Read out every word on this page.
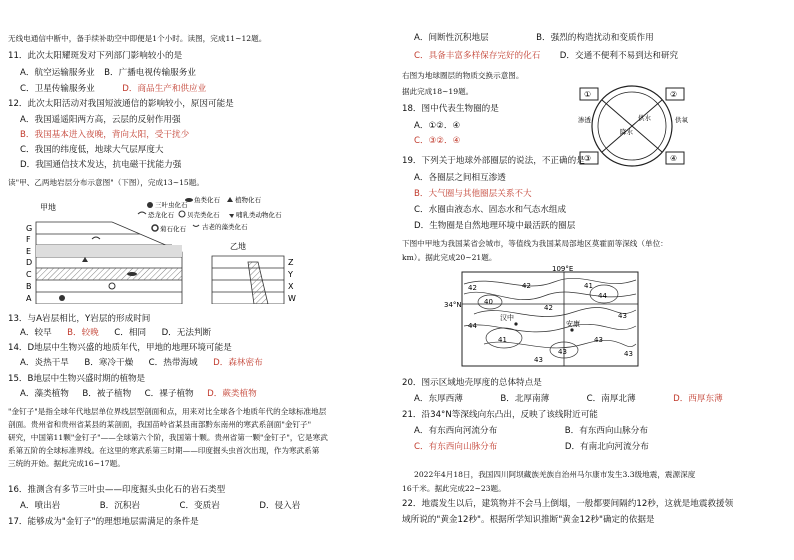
无线电通信中断中，备手续补助空中即便是1个小时。读图，完成11~12题。
11．此次太阳耀斑发对下列部门影响较小的是
A．航空运输服务业 B．广播电视传输服务业
C．卫星传输服务业	D．商品生产和供应业
12．此次太阳活动对我国短波通信的影响较小，原因可能是
A．我国遥遥阳两方高，云层的反射作用强
B．我国基本进入夜晚，背向太阳，受干扰少
C．我国的纬度低，地球大气层厚度大
D．我国通信技术发达，抗电磁干扰能力强
读"甲、乙两地岩层分布示意图"（下图），完成13~15题。
甲地
乙地
三叶虫化石
鱼类化石 植物化石
恐龙化石 贝壳类化石	哺乳类动物化石
菊石化石 古老的藻类化石
G
F
E
D
C
B
A
Z
Y
X
W
13．与A岩层相比，Y岩层的形成时间
A．较早 B．较晚 C．相同 D．无法判断
14．D地层中生物兴盛的地质年代，甲地的地理环境可能是
A．炎热干旱 B．寒冷干燥 C．热带海域 D．森林密布
15．B地层中生物兴盛时期的植物是
A．藻类植物 B．被子植物 C．裸子植物 D．蕨类植物
"金钉子"是指全球年代地层单位界线层型剖面和点，用来对比全球各个地质年代的全球标准地层
剖面。贵州省和贵州省某县的某剖面，我国苗岭省某县南部黔东南州的寒武系剖面"金钉子"
研究，中国第11颗"金钉子"——全球第六个阶，我国第十颗。贵州省第一颗"金钉子"，它是寒武
系第五阶的全球标准界线。在这里的寒武系第三时期——印度掘头虫首次出现，作为寒武系第
三统的开始。据此完成16~17题。
16．推测含有多节三叶虫——印度掘头虫化石的岩石类型
A．喷出岩	B．沉积岩	C．变质岩	D．侵入岩
17．能够成为"金钉子"的理想地层需满足的条件是
A．间断性沉积地层	B．强烈的构造扰动和变质作用
C．具备丰富多样保存完好的化石 D．交通不便利不易到达和研究
右图为地球圈层的物质交换示意图。
据此完成18~19题。	①	②
③	④
渗透	供水
降水
供氧
18．图中代表生物圈的是
A．①②．④
C．③②．④
19．下列关于地球外部圈层的说法，不正确的是
A．各圈层之间相互渗透
B．大气圈与其他圈层关系不大
C．水圈由液态水、固态水和气态水组成
D．生物圈是自然地理环境中最活跃的圈层
下图中甲地为我国某省会城市，等值线为我国某局部地区莫霍面等深线（单位：
km）。据此完成20~21题。
109°E
34°N
42	42	41
40
42
44
43
44
41
43
43
43
43
汉中
安康
20．图示区域地壳厚度的总体特点是
A．东厚西薄	B．北厚南薄	C．南厚北薄	D．西厚东薄
21．沿34°N等深线向东凸出，反映了该线附近可能
A．有东西向河流分布	B．有东西向山脉分布
C．有东西向山脉分布	D．有南北向河流分布
2022年4月18日，我国四川阿坝藏族羌族自治州马尔康市发生3.3级地震，震源深度
16千米。据此完成22~23题。
22．地震发生以后，建筑物并不会马上倒塌，一般都要间隔约12秒，这就是地震救援领
域所说的"黄金12秒"。根据所学知识推断"黄金12秒"确定的依据是
